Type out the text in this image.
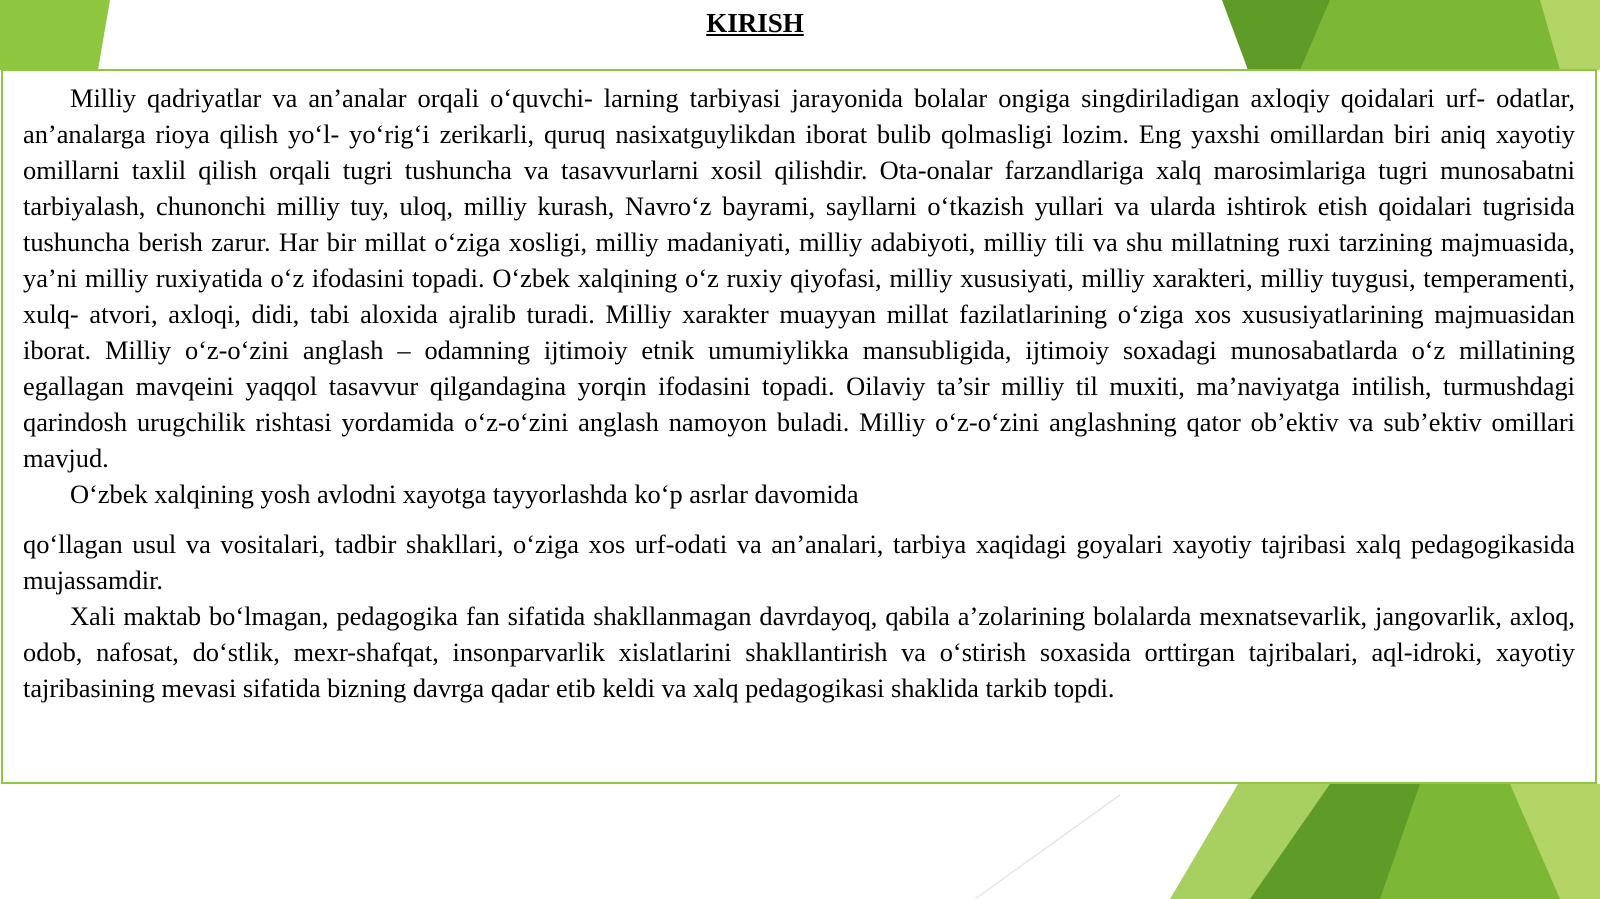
KIRISH

Milliy qadriyatlar va an’analar orqali o‘quvchi- larning tarbiyasi jarayonida bolalar ongiga singdiriladigan axloqiy qoidalari urf- odatlar, an’analarga rioya qilish yo‘l- yo‘rig‘i zerikarli, quruq nasixatguylikdan iborat bulib qolmasligi lozim. Eng yaxshi omillardan biri aniq xayotiy omillarni taxlil qilish orqali tugri tushuncha va tasavvurlarni xosil qilishdir. Ota-onalar farzandlariga xalq marosimlariga tugri munosabatni tarbiyalash, chunonchi milliy tuy, uloq, milliy kurash, Navro‘z bayrami, sayllarni o‘tkazish yullari va ularda ishtirok etish qoidalari tugrisida tushuncha berish zarur. Har bir millat o‘ziga xosligi, milliy madaniyati, milliy adabiyoti, milliy tili va shu millatning ruxi tarzining majmuasida, ya’ni milliy ruxiyatida o‘z ifodasini topadi. O‘zbek xalqining o‘z ruxiy qiyofasi, milliy xususiyati, milliy xarakteri, milliy tuygusi, temperamenti, xulq- atvori, axloqi, didi, tabi aloxida ajralib turadi. Milliy xarakter muayyan millat fazilatlarining o‘ziga xos xususiyatlarining majmuasidan iborat. Milliy o‘z-o‘zini anglash – odamning ijtimoiy etnik umumiylikka mansubligida, ijtimoiy soxadagi munosabatlarda o‘z millatining egallagan mavqeini yaqqol tasavvur qilgandagina yorqin ifodasini topadi. Oilaviy ta’sir milliy til muxiti, ma’naviyatga intilish, turmushdagi qarindosh urugchilik rishtasi yordamida o‘z-o‘zini anglash namoyon buladi. Milliy o‘z-o‘zini anglashning qator ob’ektiv va sub’ektiv omillari mavjud.

O‘zbek xalqining yosh avlodni xayotga tayyorlashda ko‘p asrlar davomida

qo‘llagan usul va vositalari, tadbir shakllari, o‘ziga xos urf-odati va an’analari, tarbiya xaqidagi goyalari xayotiy tajribasi xalq pedagogikasida mujassamdir.

Xali maktab bo‘lmagan, pedagogika fan sifatida shakllanmagan davrdayoq, qabila a’zolarining bolalarda mexnatsevarlik, jangovarlik, axloq, odob, nafosat, do‘stlik, mexr-shafqat, insonparvarlik xislatlarini shakllantirish va o‘stirish soxasida orttirgan tajribalari, aql-idroki, xayotiy tajribasining mevasi sifatida bizning davrga qadar etib keldi va xalq pedagogikasi shaklida tarkib topdi.
